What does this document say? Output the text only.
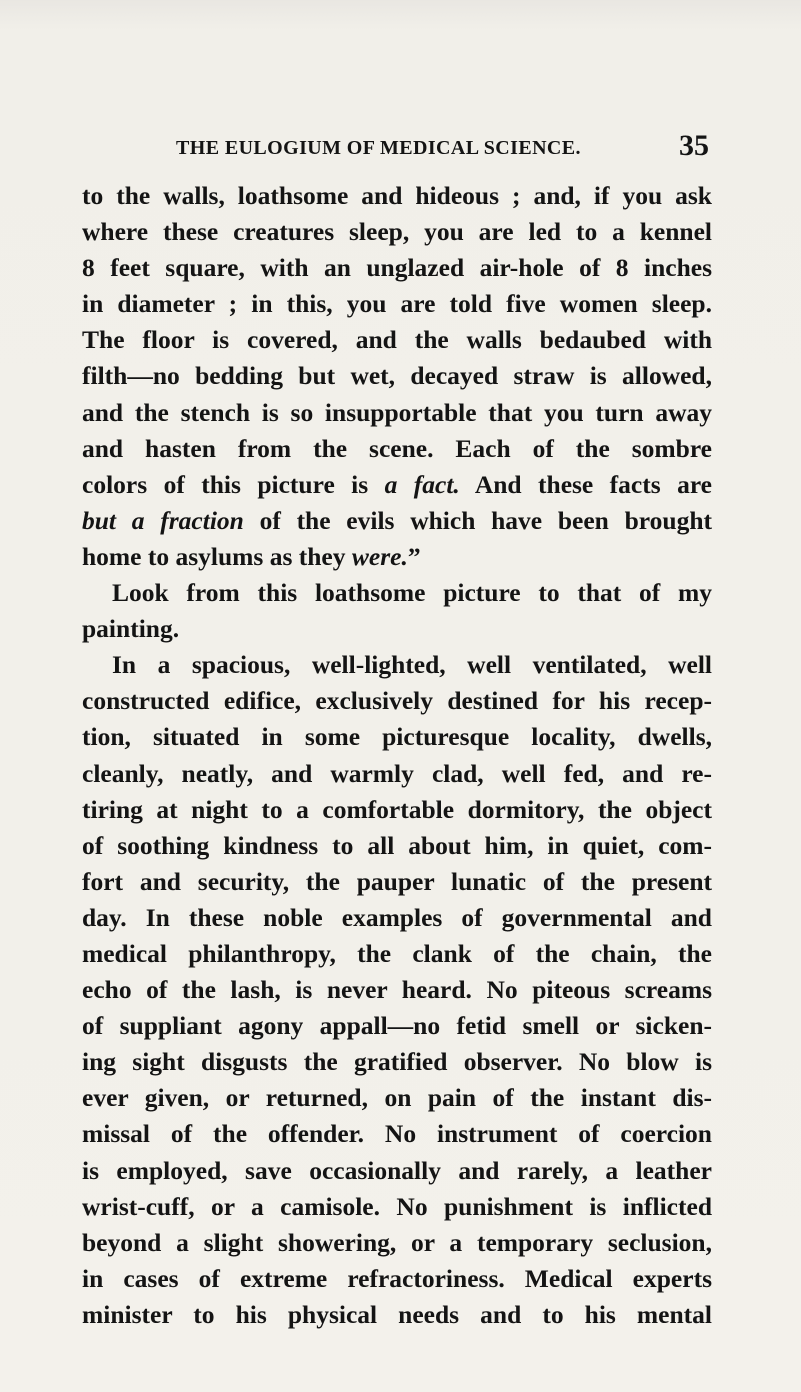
THE EULOGIUM OF MEDICAL SCIENCE.	35
to the walls, loathsome and hideous ; and, if you ask
where these creatures sleep, you are led to a kennel
8 feet square, with an unglazed air-hole of 8 inches
in diameter ; in this, you are told five women sleep.
The floor is covered, and the walls bedaubed with
filth—no bedding but wet, decayed straw is allowed,
and the stench is so insupportable that you turn away
and hasten from the scene. Each of the sombre
colors of this picture is a fact. And these facts are
but a fraction of the evils which have been brought
home to asylums as they were.”
Look from this loathsome picture to that of my
painting.
In a spacious, well-lighted, well ventilated, well
constructed edifice, exclusively destined for his recep-
tion, situated in some picturesque locality, dwells,
cleanly, neatly, and warmly clad, well fed, and re-
tiring at night to a comfortable dormitory, the object
of soothing kindness to all about him, in quiet, com-
fort and security, the pauper lunatic of the present
day. In these noble examples of governmental and
medical philanthropy, the clank of the chain, the
echo of the lash, is never heard. No piteous screams
of suppliant agony appall—no fetid smell or sicken-
ing sight disgusts the gratified observer. No blow is
ever given, or returned, on pain of the instant dis-
missal of the offender. No instrument of coercion
is employed, save occasionally and rarely, a leather
wrist-cuff, or a camisole. No punishment is inflicted
beyond a slight showering, or a temporary seclusion,
in cases of extreme refractoriness. Medical experts
minister to his physical needs and to his mental
